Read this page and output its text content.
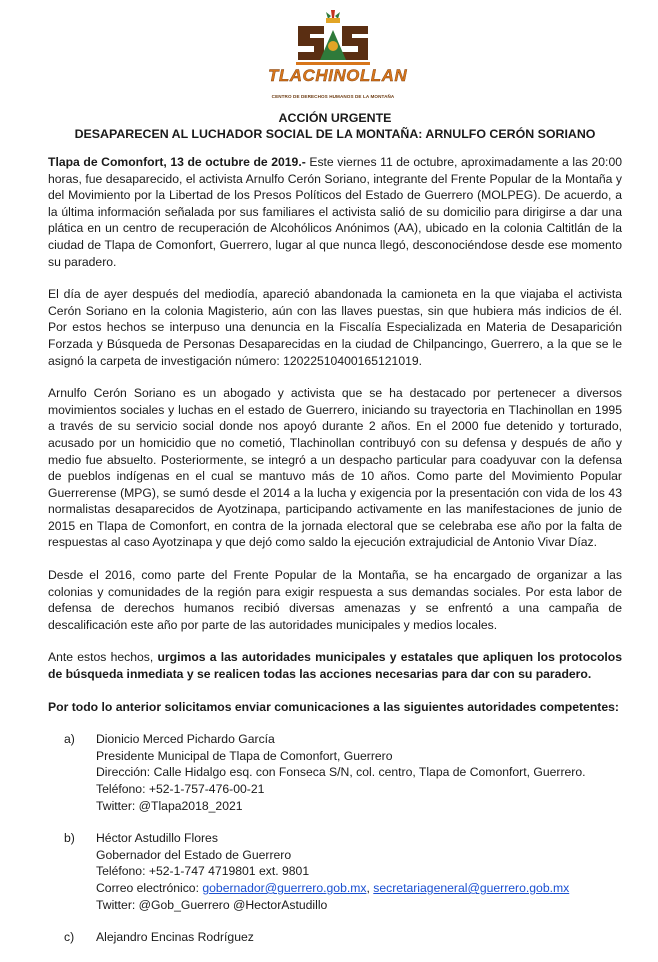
TLACHINOLLAN
CENTRO DE DERECHOS HUMANOS DE LA MONTAÑA
ACCIÓN URGENTE
DESAPARECEN AL LUCHADOR SOCIAL DE LA MONTAÑA: ARNULFO CERÓN SORIANO

Tlapa de Comonfort, 13 de octubre de 2019.- Este viernes 11 de octubre, aproximadamente a las 20:00 horas, fue desaparecido, el activista Arnulfo Cerón Soriano, integrante del Frente Popular de la Montaña y del Movimiento por la Libertad de los Presos Políticos del Estado de Guerrero (MOLPEG). De acuerdo, a la última información señalada por sus familiares el activista salió de su domicilio para dirigirse a dar una plática en un centro de recuperación de Alcohólicos Anónimos (AA), ubicado en la colonia Caltitlán de la ciudad de Tlapa de Comonfort, Guerrero, lugar al que nunca llegó, desconociéndose desde ese momento su paradero.

El día de ayer después del mediodía, apareció abandonada la camioneta en la que viajaba el activista Cerón Soriano en la colonia Magisterio, aún con las llaves puestas, sin que hubiera más indicios de él. Por estos hechos se interpuso una denuncia en la Fiscalía Especializada en Materia de Desaparición Forzada y Búsqueda de Personas Desaparecidas en la ciudad de Chilpancingo, Guerrero, a la que se le asignó la carpeta de investigación número: 12022510400165121019.

Arnulfo Cerón Soriano es un abogado y activista que se ha destacado por pertenecer a diversos movimientos sociales y luchas en el estado de Guerrero, iniciando su trayectoria en Tlachinollan en 1995 a través de su servicio social donde nos apoyó durante 2 años. En el 2000 fue detenido y torturado, acusado por un homicidio que no cometió, Tlachinollan contribuyó con su defensa y después de año y medio fue absuelto. Posteriormente, se integró a un despacho particular para coadyuvar con la defensa de pueblos indígenas en el cual se mantuvo más de 10 años. Como parte del Movimiento Popular Guerrerense (MPG), se sumó desde el 2014 a la lucha y exigencia por la presentación con vida de los 43 normalistas desaparecidos de Ayotzinapa, participando activamente en las manifestaciones de junio de 2015 en Tlapa de Comonfort, en contra de la jornada electoral que se celebraba ese año por la falta de respuestas al caso Ayotzinapa y que dejó como saldo la ejecución extrajudicial de Antonio Vivar Díaz.

Desde el 2016, como parte del Frente Popular de la Montaña, se ha encargado de organizar a las colonias y comunidades de la región para exigir respuesta a sus demandas sociales. Por esta labor de defensa de derechos humanos recibió diversas amenazas y se enfrentó a una campaña de descalificación este año por parte de las autoridades municipales y medios locales.

Ante estos hechos, urgimos a las autoridades municipales y estatales que apliquen los protocolos de búsqueda inmediata y se realicen todas las acciones necesarias para dar con su paradero.

Por todo lo anterior solicitamos enviar comunicaciones a las siguientes autoridades competentes:

a)	Dionicio Merced Pichardo García
Presidente Municipal de Tlapa de Comonfort, Guerrero
Dirección: Calle Hidalgo esq. con Fonseca S/N, col. centro, Tlapa de Comonfort, Guerrero.
Teléfono: +52-1-757-476-00-21
Twitter: @Tlapa2018_2021
b)	Héctor Astudillo Flores
Gobernador del Estado de Guerrero
Teléfono: +52-1-747 4719801 ext. 9801
Correo electrónico: gobernador@guerrero.gob.mx, secretariageneral@guerrero.gob.mx
Twitter: @Gob_Guerrero @HectorAstudillo
c)	Alejandro Encinas Rodríguez
